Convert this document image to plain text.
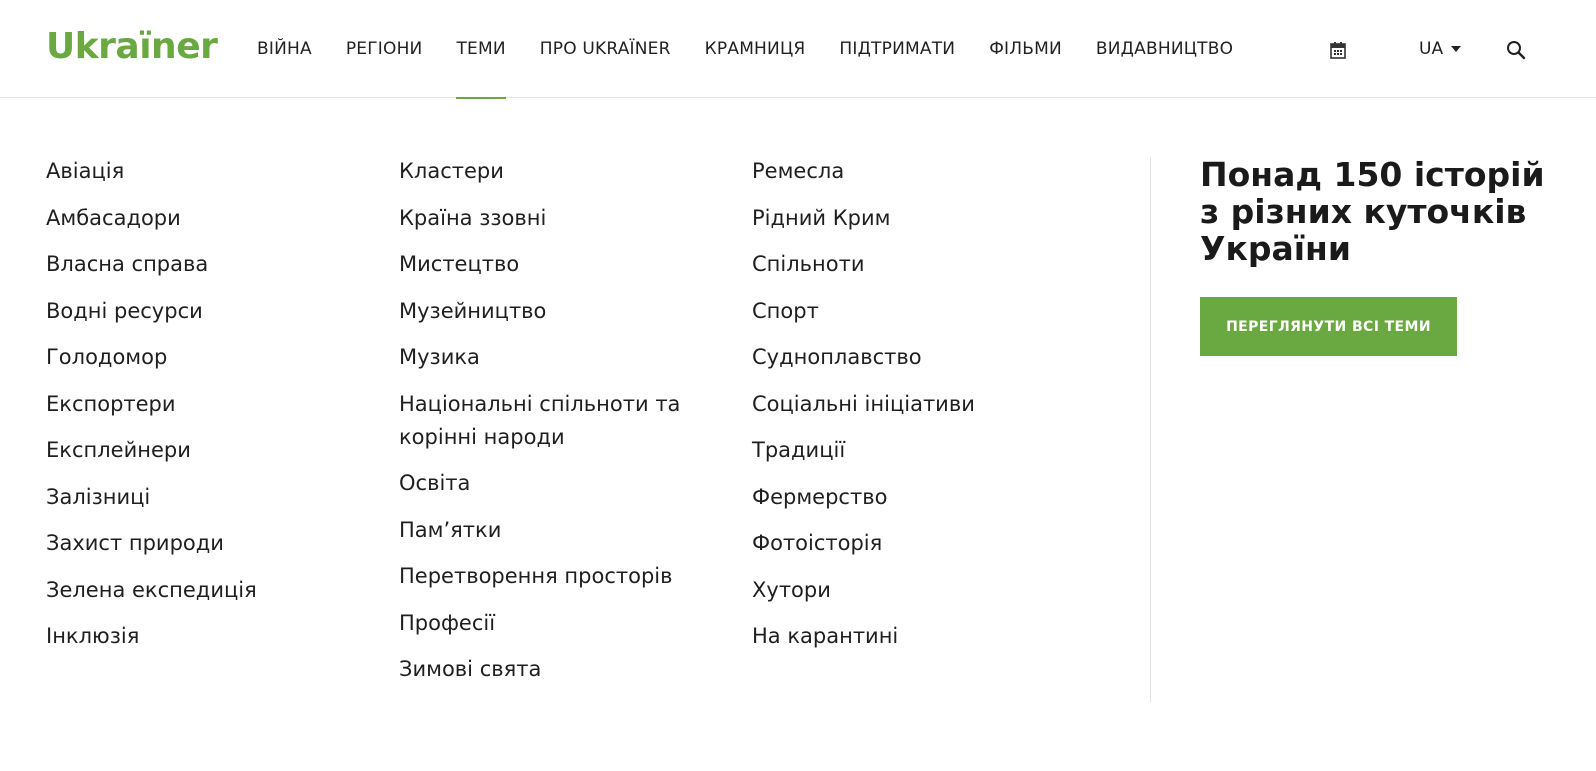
Ukraïner ВІЙНА РЕГІОНИ ТЕМИ ПРО UKRAÏNER КРАМНИЦЯ ПІДТРИМАТИ ФІЛЬМИ ВИДАВНИЦТВО	UA
Авіація
Амбасадори
Власна справа
Водні ресурси
Голодомор
Експортери
Експлейнери
Залізниці
Захист природи
Зелена експедиція
Інклюзія
Кластери
Країна ззовні
Мистецтво
Музейництво
Музика
Національні спільноти та корінні народи
Освіта
Пам’ятки
Перетворення просторів
Професії
Зимові свята
Ремесла
Рідний Крим
Спільноти
Спорт
Судноплавство
Соціальні ініціативи
Традиції
Фермерство
Фотоісторія
Хутори
На карантині
Понад 150 історій з різних куточків України
ПЕРЕГЛЯНУТИ ВСІ ТЕМИ
